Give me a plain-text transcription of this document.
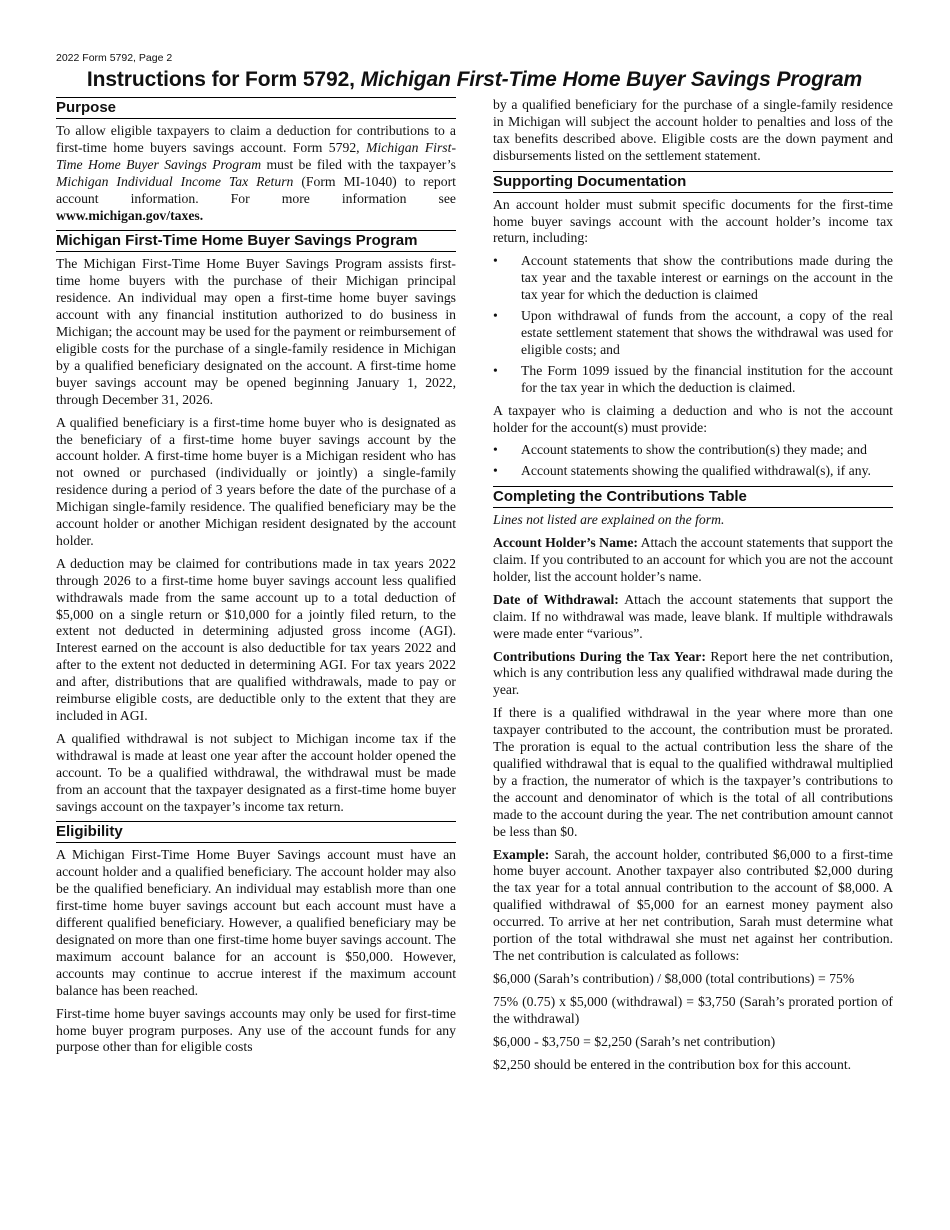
2022 Form 5792, Page 2
Instructions for Form 5792, Michigan First-Time Home Buyer Savings Program
Purpose

To allow eligible taxpayers to claim a deduction for contributions to a first-time home buyers savings account. Form 5792, Michigan First-Time Home Buyer Savings Program must be filed with the taxpayer’s Michigan Individual Income Tax Return (Form MI-1040) to report account information. For more information see www.michigan.gov/taxes.

Michigan First-Time Home Buyer Savings Program

The Michigan First-Time Home Buyer Savings Program assists first-time home buyers with the purchase of their Michigan principal residence. An individual may open a first-time home buyer savings account with any financial institution authorized to do business in Michigan; the account may be used for the payment or reimbursement of eligible costs for the purchase of a single-family residence in Michigan by a qualified beneficiary designated on the account. A first-time home buyer savings account may be opened beginning January 1, 2022, through December 31, 2026.

A qualified beneficiary is a first-time home buyer who is designated as the beneficiary of a first-time home buyer savings account by the account holder. A first-time home buyer is a Michigan resident who has not owned or purchased (individually or jointly) a single-family residence during a period of 3 years before the date of the purchase of a Michigan single-family residence. The qualified beneficiary may be the account holder or another Michigan resident designated by the account holder.

A deduction may be claimed for contributions made in tax years 2022 through 2026 to a first-time home buyer savings account less qualified withdrawals made from the same account up to a total deduction of $5,000 on a single return or $10,000 for a jointly filed return, to the extent not deducted in determining adjusted gross income (AGI). Interest earned on the account is also deductible for tax years 2022 and after to the extent not deducted in determining AGI. For tax years 2022 and after, distributions that are qualified withdrawals, made to pay or reimburse eligible costs, are deductible only to the extent that they are included in AGI.

A qualified withdrawal is not subject to Michigan income tax if the withdrawal is made at least one year after the account holder opened the account. To be a qualified withdrawal, the withdrawal must be made from an account that the taxpayer designated as a first-time home buyer savings account on the taxpayer’s income tax return.

Eligibility

A Michigan First-Time Home Buyer Savings account must have an account holder and a qualified beneficiary. The account holder may also be the qualified beneficiary. An individual may establish more than one first-time home buyer savings account but each account must have a different qualified beneficiary. However, a qualified beneficiary may be designated on more than one first-time home buyer savings account. The maximum account balance for an account is $50,000. However, accounts may continue to accrue interest if the maximum account balance has been reached.

First-time home buyer savings accounts may only be used for first-time home buyer program purposes. Any use of the account funds for any purpose other than for eligible costs

by a qualified beneficiary for the purchase of a single-family residence in Michigan will subject the account holder to penalties and loss of the tax benefits described above. Eligible costs are the down payment and disbursements listed on the settlement statement.

Supporting Documentation

An account holder must submit specific documents for the first-time home buyer savings account with the account holder’s income tax return, including:

• Account statements that show the contributions made during the tax year and the taxable interest or earnings on the account in the tax year for which the deduction is claimed
• Upon withdrawal of funds from the account, a copy of the real estate settlement statement that shows the withdrawal was used for eligible costs; and
• The Form 1099 issued by the financial institution for the account for the tax year in which the deduction is claimed.

A taxpayer who is claiming a deduction and who is not the account holder for the account(s) must provide:

• Account statements to show the contribution(s) they made; and
• Account statements showing the qualified withdrawal(s), if any.
Completing the Contributions Table

Lines not listed are explained on the form.

Account Holder’s Name: Attach the account statements that support the claim. If you contributed to an account for which you are not the account holder, list the account holder’s name.

Date of Withdrawal: Attach the account statements that support the claim. If no withdrawal was made, leave blank. If multiple withdrawals were made enter “various”.

Contributions During the Tax Year: Report here the net contribution, which is any contribution less any qualified withdrawal made during the year.

If there is a qualified withdrawal in the year where more than one taxpayer contributed to the account, the contribution must be prorated. The proration is equal to the actual contribution less the share of the qualified withdrawal that is equal to the qualified withdrawal multiplied by a fraction, the numerator of which is the taxpayer’s contributions to the account and denominator of which is the total of all contributions made to the account during the year. The net contribution amount cannot be less than $0.

Example: Sarah, the account holder, contributed $6,000 to a first-time home buyer account. Another taxpayer also contributed $2,000 during the tax year for a total annual contribution to the account of $8,000. A qualified withdrawal of $5,000 for an earnest money payment also occurred. To arrive at her net contribution, Sarah must determine what portion of the total withdrawal she must net against her contribution. The net contribution is calculated as follows:

$6,000 (Sarah’s contribution) / $8,000 (total contributions) = 75%

75% (0.75) x $5,000 (withdrawal) = $3,750 (Sarah’s prorated portion of the withdrawal)

$6,000 - $3,750 = $2,250 (Sarah’s net contribution)

$2,250 should be entered in the contribution box for this account.
